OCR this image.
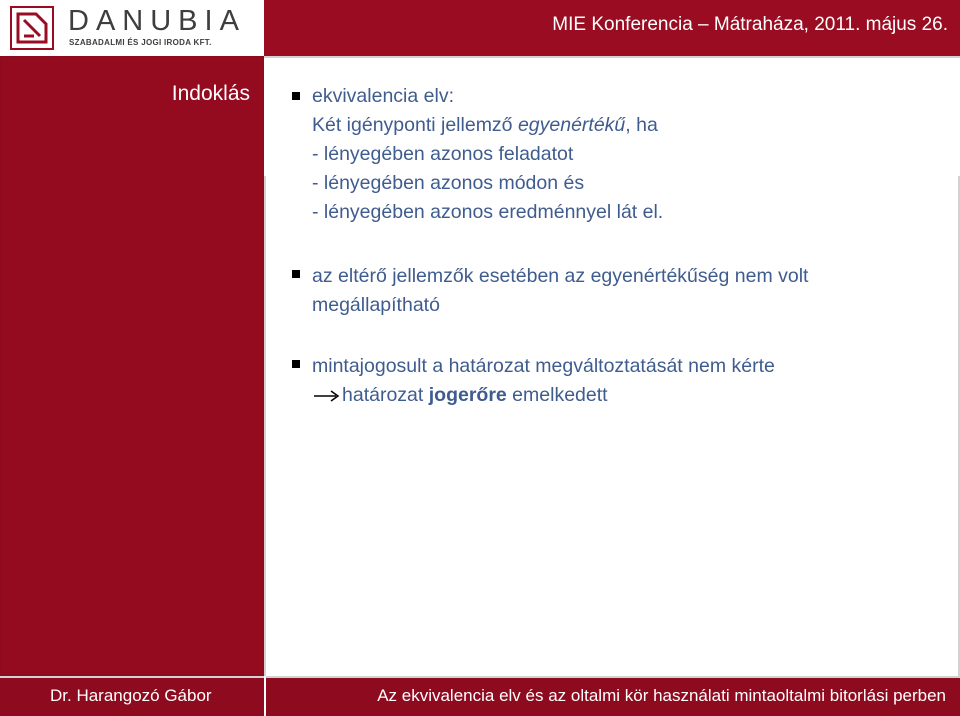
DANUBIA
SZABADALMI ÉS JOGI IRODA KFT.
MIE Konferencia – Mátraháza, 2011. május 26.
Indoklás	ekvivalencia elv:
Két igényponti jellemző egyenértékű, ha
- lényegében azonos feladatot
- lényegében azonos módon és
- lényegében azonos eredménnyel lát el.
az eltérő jellemzők esetében az egyenértékűség nem volt
megállapítható
mintajogosult a határozat megváltoztatását nem kérte
határozat jogerőre emelkedett
Dr. Harangozó Gábor	Az ekvivalencia elv és az oltalmi kör használati mintaoltalmi bitorlási perben
